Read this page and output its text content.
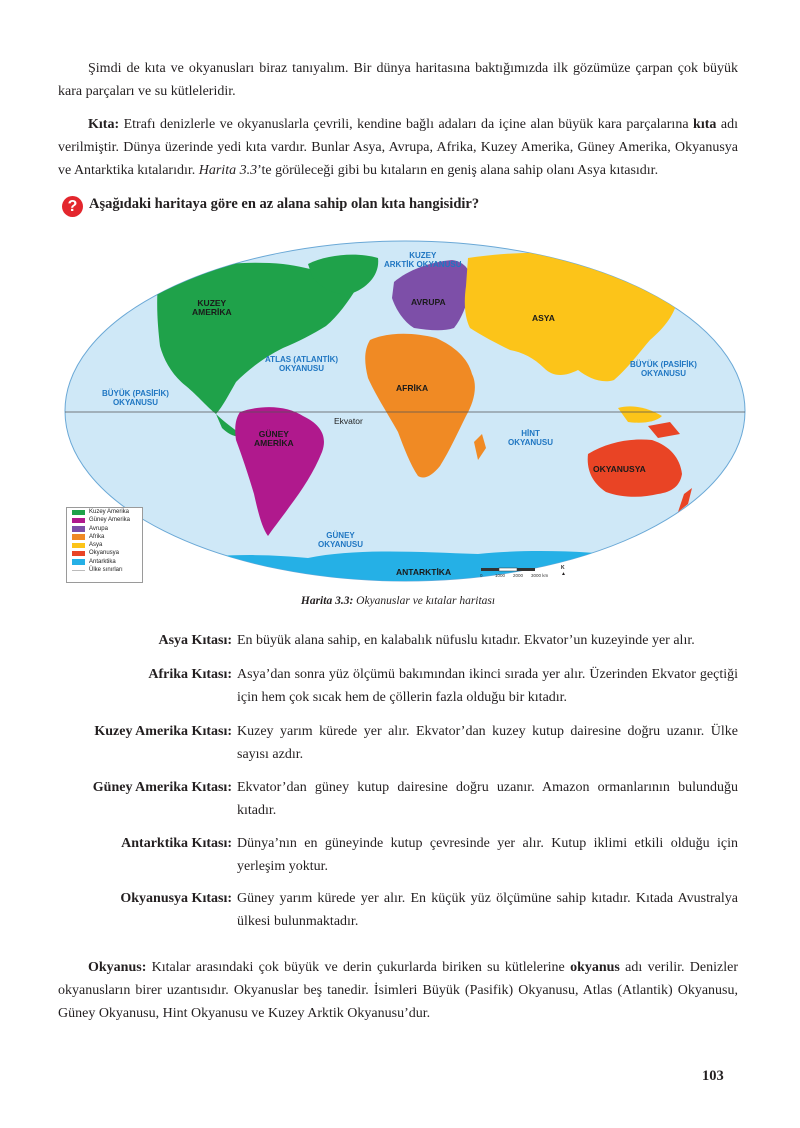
Şimdi de kıta ve okyanusları biraz tanıyalım. Bir dünya haritasına baktığımızda ilk gözümüze çarpan çok büyük kara parçaları ve su kütleleridir.

Kıta: Etrafı denizlerle ve okyanuslarla çevrili, kendine bağlı adaları da içine alan büyük kara parçalarına kıta adı verilmiştir. Dünya üzerinde yedi kıta vardır. Bunlar Asya, Avrupa, Afrika, Kuzey Amerika, Güney Amerika, Okyanusya ve Antarktika kıtalarıdır. Harita 3.3’te görüleceği gibi bu kıtaların en geniş alana sahip olanı Asya kıtasıdır.

? Aşağıdaki haritaya göre en az alana sahip olan kıta hangisidir?
KUZEY
AMERİKA
GÜNEY
AMERİKA
AVRUPA
AFRİKA
ASYA
OKYANUSYA
ANTARKTİKA
KUZEY
ARKTİK OKYANUSU
ATLAS (ATLANTİK)
OKYANUSU
BÜYÜK (PASİFİK)
OKYANUSU
BÜYÜK (PASİFİK)
OKYANUSU
HİNT
OKYANUSU
GÜNEY
OKYANUSU
Ekvator
Kuzey Amerika
Güney Amerika
Avrupa
Afrika
Asya
Okyanusya
Antarktika
Ülke sınırları
0	1000 2000 3000 km
K
▲
Harita 3.3: Okyanuslar ve kıtalar haritası
Asya Kıtası: En büyük alana sahip, en kalabalık nüfuslu kıtadır. Ekvator’un kuzeyinde yer alır.
Afrika Kıtası: Asya’dan sonra yüz ölçümü bakımından ikinci sırada yer alır. Üzerinden Ekvator geçtiği için hem çok sıcak hem de çöllerin fazla olduğu bir kıtadır.
Kuzey Amerika Kıtası: Kuzey yarım kürede yer alır. Ekvator’dan kuzey kutup dairesine doğru uzanır. Ülke sayısı azdır.
Güney Amerika Kıtası: Ekvator’dan güney kutup dairesine doğru uzanır. Amazon ormanlarının bulunduğu kıtadır.
Antarktika Kıtası: Dünya’nın en güneyinde kutup çevresinde yer alır. Kutup iklimi etkili olduğu için yerleşim yoktur.
Okyanusya Kıtası: Güney yarım kürede yer alır. En küçük yüz ölçümüne sahip kıtadır. Kıtada Avustralya ülkesi bulunmaktadır.

Okyanus: Kıtalar arasındaki çok büyük ve derin çukurlarda biriken su kütlelerine okyanus adı verilir. Denizler okyanusların birer uzantısıdır. Okyanuslar beş tanedir. İsimleri Büyük (Pasifik) Okyanusu, Atlas (Atlantik) Okyanusu, Güney Okyanusu, Hint Okyanusu ve Kuzey Arktik Okyanusu’dur.

103
